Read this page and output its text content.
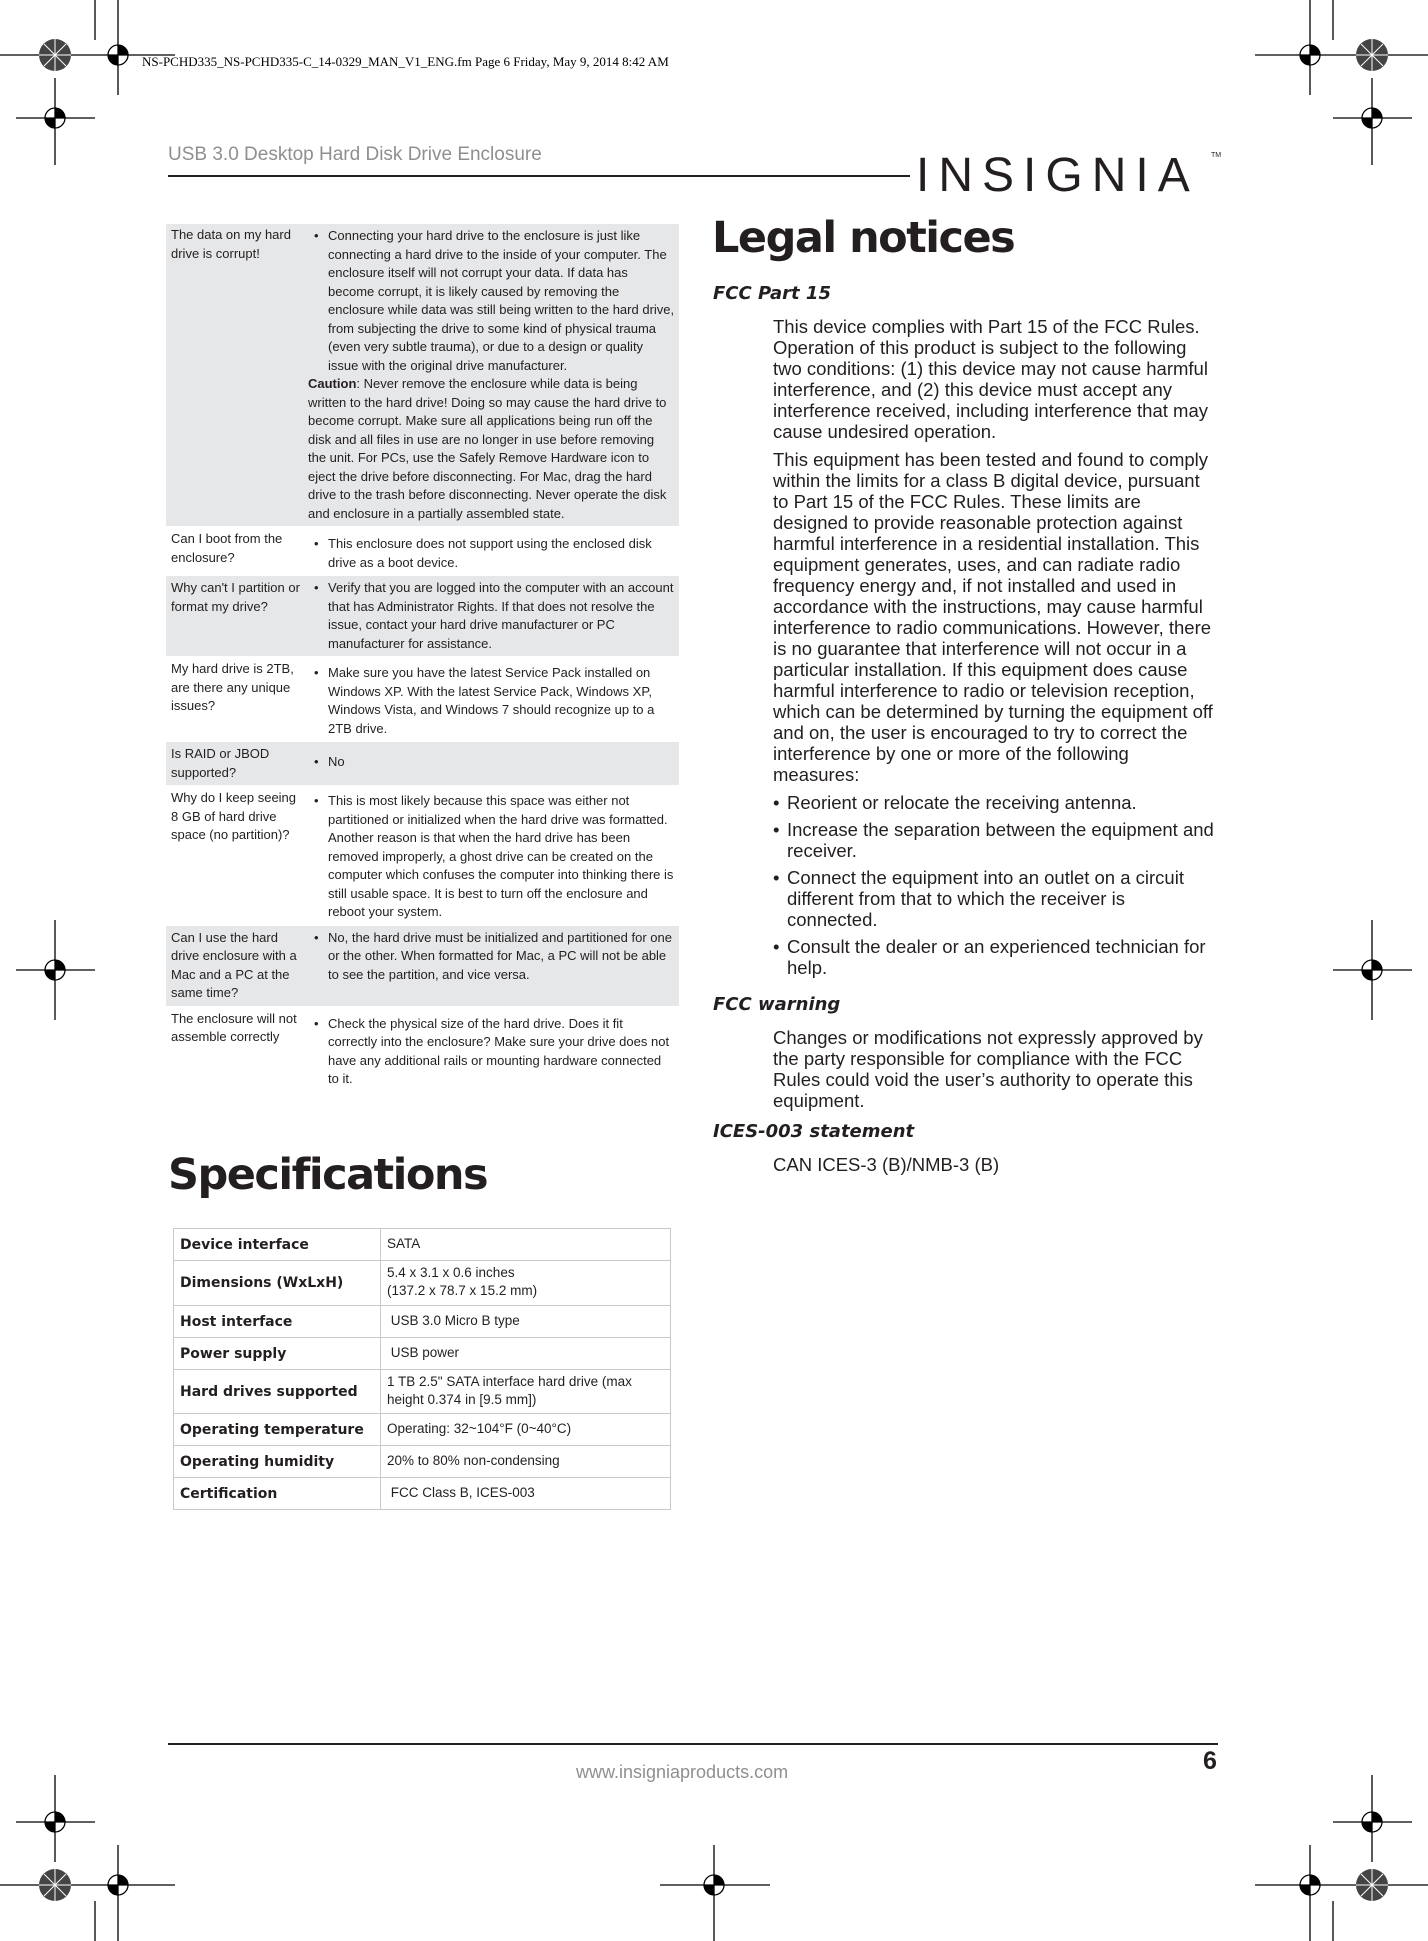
NS-PCHD335_NS-PCHD335-C_14-0329_MAN_V1_ENG.fm Page 6 Friday, May 9, 2014 8:42 AM
USB 3.0 Desktop Hard Disk Drive Enclosure	INSIGNIA TM
The data on my hard drive is corrupt!	• Connecting your hard drive to the enclosure is just like connecting a hard drive to the inside of your computer. The enclosure itself will not corrupt your data. If data has become corrupt, it is likely caused by removing the enclosure while data was still being written to the hard drive, from subjecting the drive to some kind of physical trauma (even very subtle trauma), or due to a design or quality issue with the original drive manufacturer.
Caution: Never remove the enclosure while data is being written to the hard drive! Doing so may cause the hard drive to become corrupt. Make sure all applications being run off the disk and all files in use are no longer in use before removing the unit. For PCs, use the Safely Remove Hardware icon to eject the drive before disconnecting. For Mac, drag the hard drive to the trash before disconnecting. Never operate the disk and enclosure in a partially assembled state.

Can I boot from the enclosure?	• This enclosure does not support using the enclosed disk drive as a boot device.

Why can't I partition or format my drive?	• Verify that you are logged into the computer with an account that has Administrator Rights. If that does not resolve the issue, contact your hard drive manufacturer or PC manufacturer for assistance.

My hard drive is 2TB, are there any unique issues?	• Make sure you have the latest Service Pack installed on Windows XP. With the latest Service Pack, Windows XP, Windows Vista, and Windows 7 should recognize up to a 2TB drive.

Is RAID or JBOD supported?	• No

Why do I keep seeing 8 GB of hard drive space (no partition)?	• This is most likely because this space was either not partitioned or initialized when the hard drive was formatted. Another reason is that when the hard drive has been removed improperly, a ghost drive can be created on the computer which confuses the computer into thinking there is still usable space. It is best to turn off the enclosure and reboot your system.

Can I use the hard drive enclosure with a Mac and a PC at the same time?	• No, the hard drive must be initialized and partitioned for one or the other. When formatted for Mac, a PC will not be able to see the partition, and vice versa.

The enclosure will not assemble correctly	• Check the physical size of the hard drive. Does it fit correctly into the enclosure? Make sure your drive does not have any additional rails or mounting hardware connected to it.
Specifications
Device interface	SATA
Dimensions (WxLxH)	5.4 x 3.1 x 0.6 inches
(137.2 x 78.7 x 15.2 mm)

Host interface	USB 3.0 Micro B type
Power supply	USB power
Hard drives supported	1 TB 2.5" SATA interface hard drive (max height 0.374 in [9.5 mm])
Operating temperature	Operating: 32~104°F (0~40°C)
Operating humidity	20% to 80% non-condensing
Certification	FCC Class B, ICES-003
Legal notices
FCC Part 15

This device complies with Part 15 of the FCC Rules. Operation of this product is subject to the following two conditions: (1) this device may not cause harmful interference, and (2) this device must accept any interference received, including interference that may cause undesired operation.

This equipment has been tested and found to comply within the limits for a class B digital device, pursuant to Part 15 of the FCC Rules. These limits are designed to provide reasonable protection against harmful interference in a residential installation. This equipment generates, uses, and can radiate radio frequency energy and, if not installed and used in accordance with the instructions, may cause harmful interference to radio communications. However, there is no guarantee that interference will not occur in a particular installation. If this equipment does cause harmful interference to radio or television reception, which can be determined by turning the equipment off and on, the user is encouraged to try to correct the interference by one or more of the following measures:

• Reorient or relocate the receiving antenna.
• Increase the separation between the equipment and receiver.
• Connect the equipment into an outlet on a circuit different from that to which the receiver is connected.
• Consult the dealer or an experienced technician for help.
FCC warning

Changes or modifications not expressly approved by the party responsible for compliance with the FCC Rules could void the user’s authority to operate this equipment.

ICES-003 statement

CAN ICES-3 (B)/NMB-3 (B)

www.insigniaproducts.com	6
